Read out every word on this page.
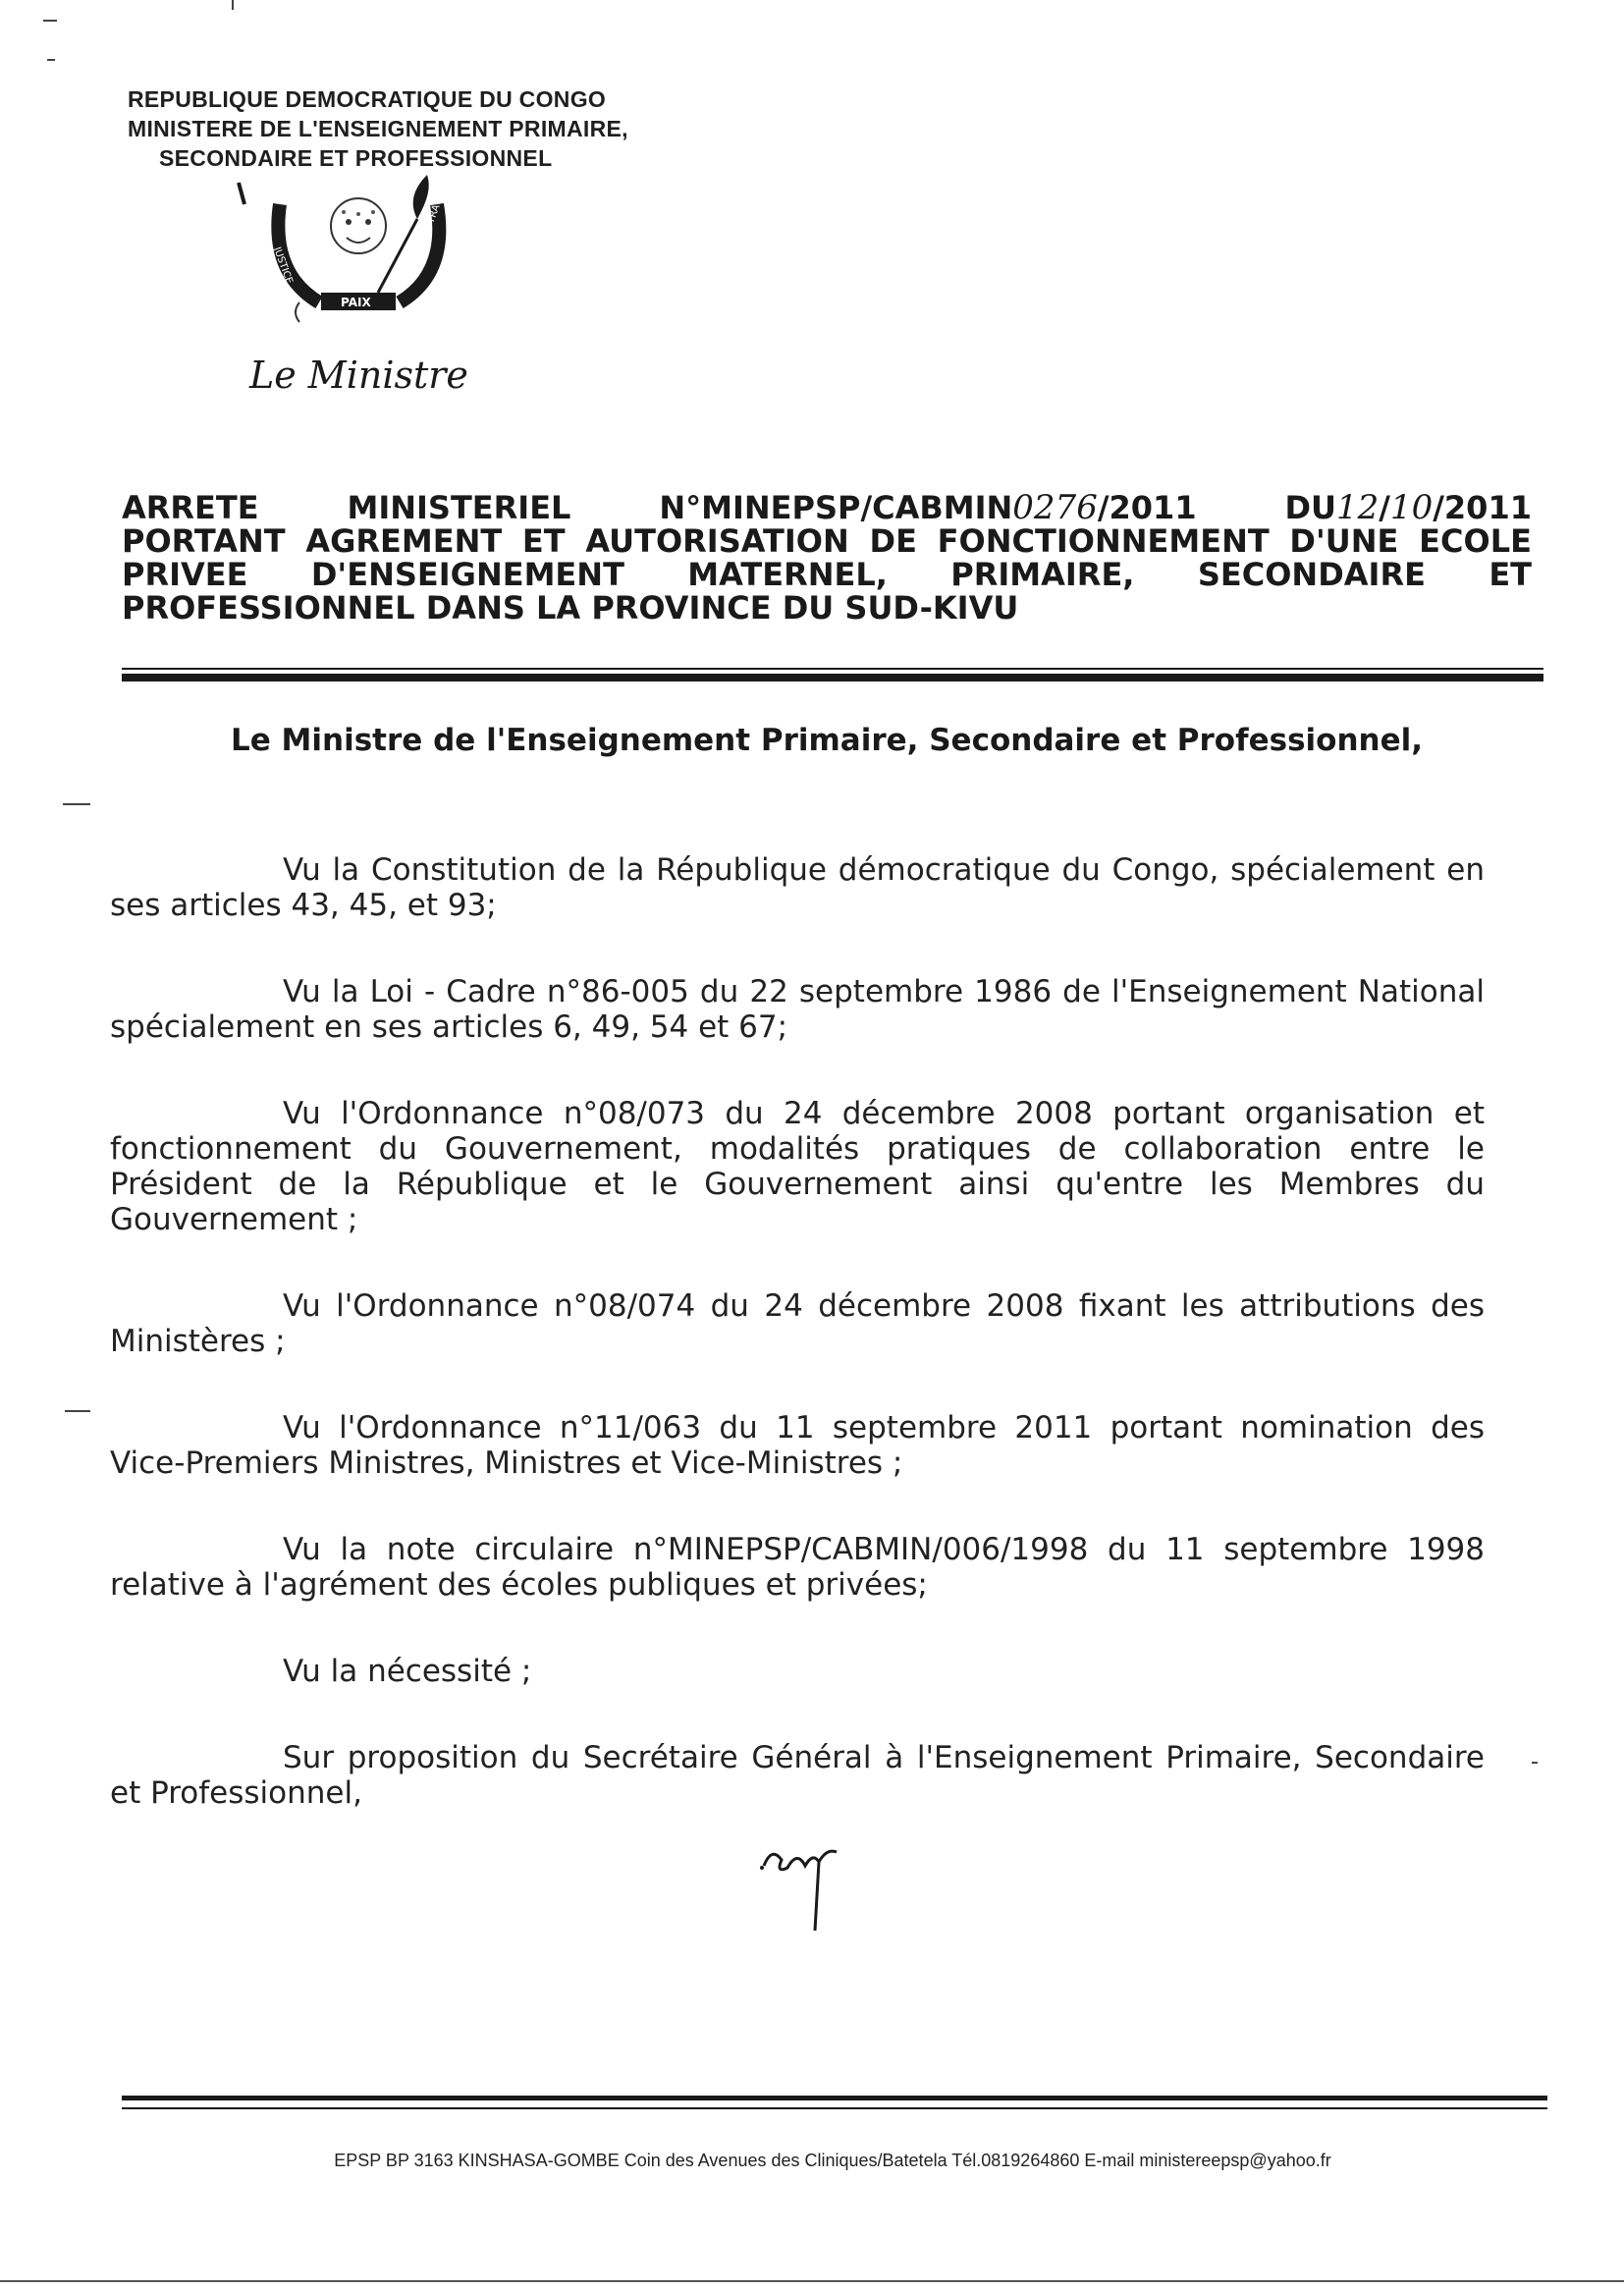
REPUBLIQUE DEMOCRATIQUE DU CONGO
MINISTERE DE L'ENSEIGNEMENT PRIMAIRE,
SECONDAIRE ET PROFESSIONNEL
JUSTICE
TRAVAIL
PAIX
Le Ministre
ARRETE	MINISTERIEL	N°MINEPSP/CABMIN0276/2011	DU12/10/2011
PORTANT AGREMENT ET AUTORISATION DE FONCTIONNEMENT D'UNE ECOLE
PRIVEE D'ENSEIGNEMENT MATERNEL, PRIMAIRE, SECONDAIRE ET
PROFESSIONNEL DANS LA PROVINCE DU SUD-KIVU
Le Ministre de l'Enseignement Primaire, Secondaire et Professionnel,

Vu la Constitution de la République démocratique du Congo, spécialement en ses articles 43, 45, et 93;

Vu la Loi - Cadre n°86-005 du 22 septembre 1986 de l'Enseignement National spécialement en ses articles 6, 49, 54 et 67;

Vu l'Ordonnance n°08/073 du 24 décembre 2008 portant organisation et fonctionnement du Gouvernement, modalités pratiques de collaboration entre le Président de la République et le Gouvernement ainsi qu'entre les Membres du Gouvernement ;

Vu l'Ordonnance n°08/074 du 24 décembre 2008 fixant les attributions des Ministères ;

Vu l'Ordonnance n°11/063 du 11 septembre 2011 portant nomination des Vice-Premiers Ministres, Ministres et Vice-Ministres ;

Vu la note circulaire n°MINEPSP/CABMIN/006/1998 du 11 septembre 1998 relative à l'agrément des écoles publiques et privées;

Vu la nécessité ;

Sur proposition du Secrétaire Général à l'Enseignement Primaire, Secondaire et Professionnel,

EPSP BP 3163 KINSHASA-GOMBE Coin des Avenues des Cliniques/Batetela Tél.0819264860 E-mail ministereepsp@yahoo.fr
